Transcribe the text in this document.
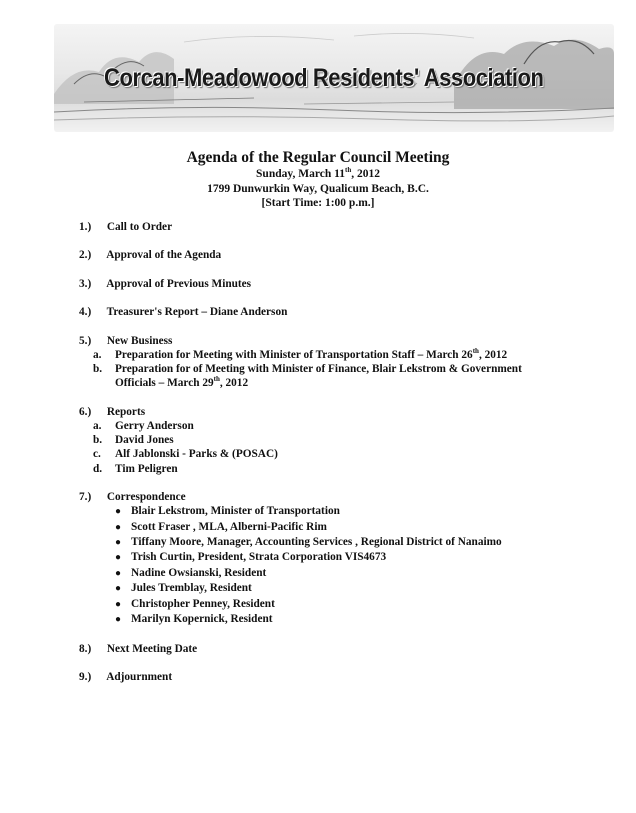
Corcan-Meadowood Residents' Association
Agenda of the Regular Council Meeting
Sunday, March 11th, 2012
1799 Dunwurkin Way, Qualicum Beach, B.C.
[Start Time: 1:00 p.m.]
1.) Call to Order
2.) Approval of the Agenda
3.) Approval of Previous Minutes
4.) Treasurer's Report – Diane Anderson
5.) New Business
a. Preparation for Meeting with Minister of Transportation Staff – March 26th, 2012
b. Preparation for of Meeting with Minister of Finance, Blair Lekstrom & Government
Officials – March 29th, 2012
6.) Reports
a. Gerry Anderson
b. David Jones
c. Alf Jablonski - Parks & (POSAC)
d. Tim Peligren
7.) Correspondence
● Blair Lekstrom, Minister of Transportation
● Scott Fraser , MLA, Alberni-Pacific Rim
● Tiffany Moore, Manager, Accounting Services , Regional District of Nanaimo
● Trish Curtin, President, Strata Corporation VIS4673
● Nadine Owsianski, Resident
● Jules Tremblay, Resident
● Christopher Penney, Resident
● Marilyn Kopernick, Resident
8.) Next Meeting Date
9.) Adjournment
